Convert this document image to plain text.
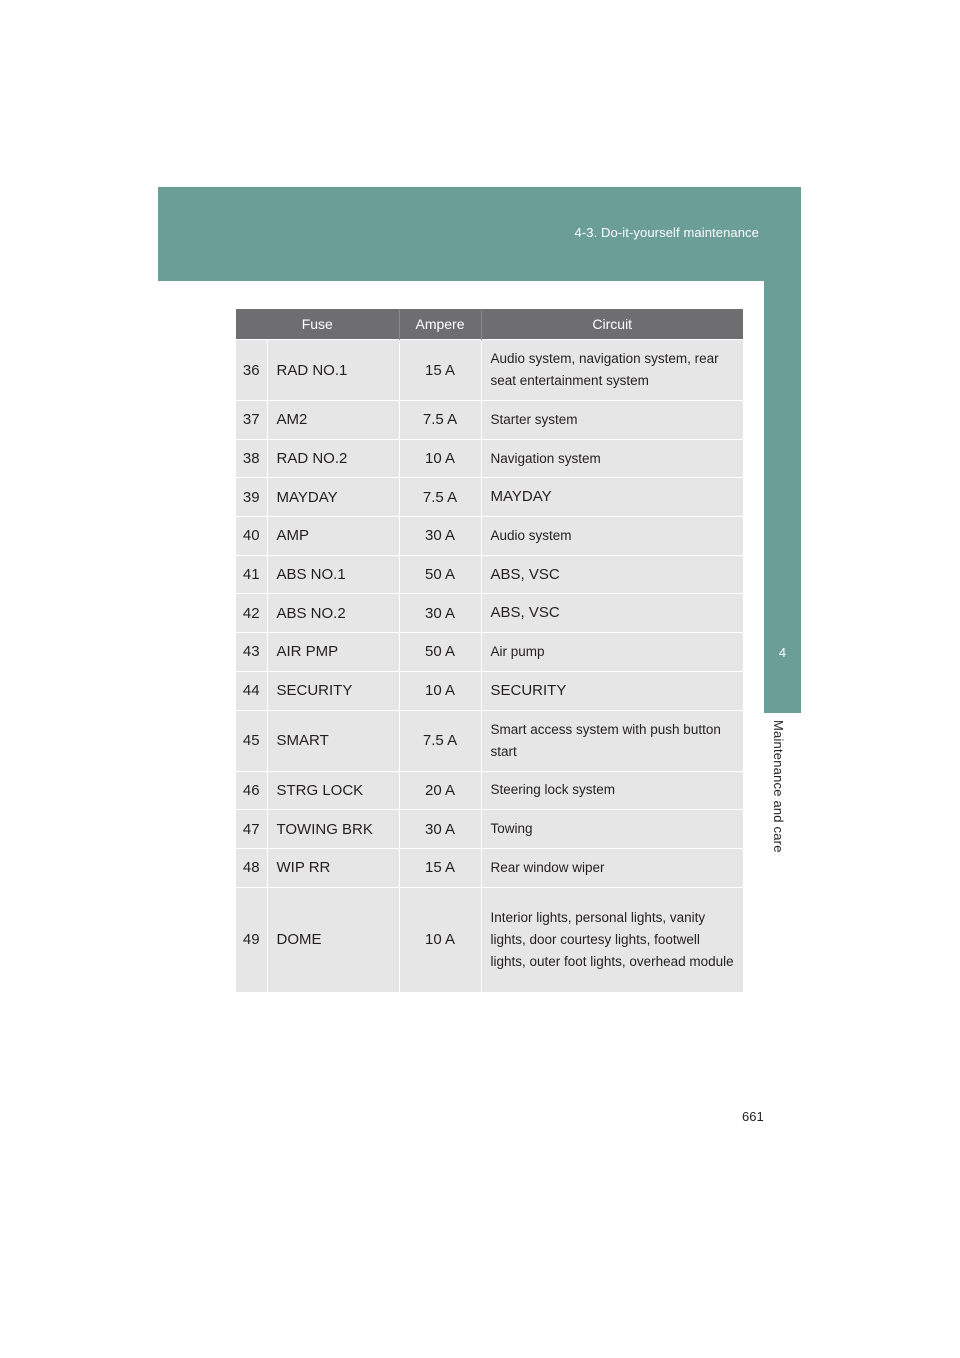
4-3. Do-it-yourself maintenance
4
Maintenance and care
Fuse		Ampere	Circuit
36	RAD NO.1	15 A	Audio system, navigation system, rear seat entertainment system
37	AM2	7.5 A	Starter system
38	RAD NO.2	10 A	Navigation system
39	MAYDAY	7.5 A	MAYDAY
40	AMP	30 A	Audio system
41	ABS NO.1	50 A	ABS, VSC
42	ABS NO.2	30 A	ABS, VSC
43	AIR PMP	50 A	Air pump
44	SECURITY	10 A	SECURITY
45	SMART	7.5 A	Smart access system with push button start
46	STRG LOCK	20 A	Steering lock system
47	TOWING BRK	30 A	Towing
48	WIP RR	15 A	Rear window wiper
49	DOME	10 A	Interior lights, personal lights, vanity lights, door courtesy lights, footwell lights, outer foot lights, overhead module
661
